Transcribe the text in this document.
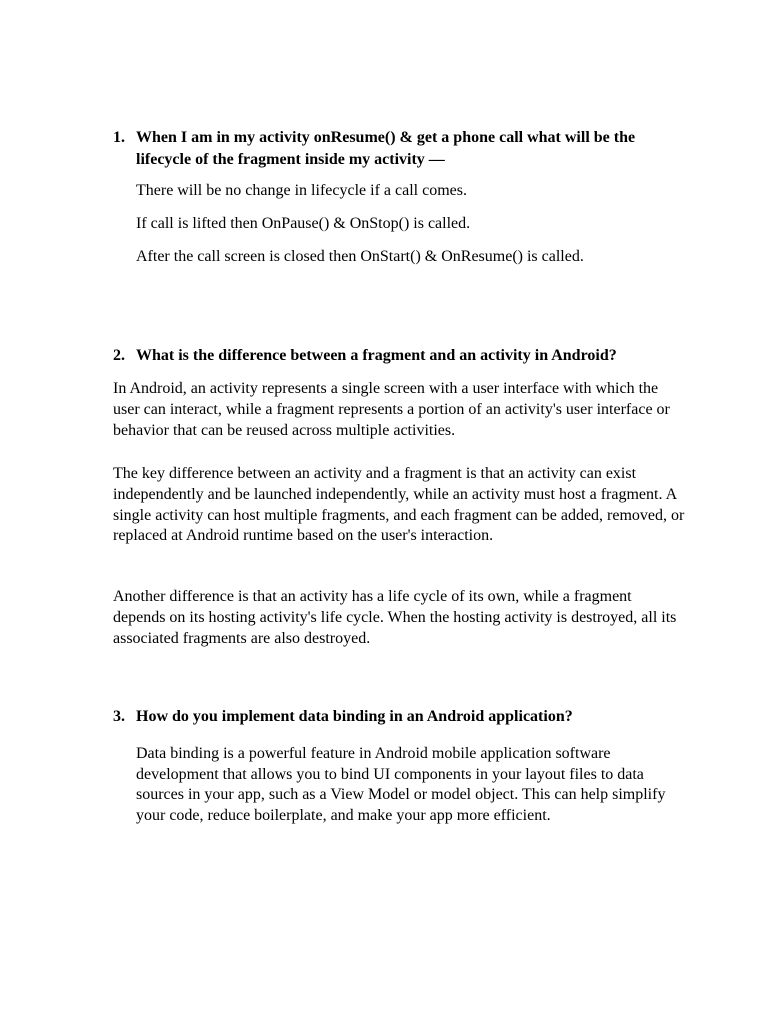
1. When I am in my activity onResume() & get a phone call what will be the lifecycle of the fragment inside my activity —

There will be no change in lifecycle if a call comes.

If call is lifted then OnPause() & OnStop() is called.

After the call screen is closed then OnStart() & OnResume() is called.

2. What is the difference between a fragment and an activity in Android?

In Android, an activity represents a single screen with a user interface with which the user can interact, while a fragment represents a portion of an activity's user interface or behavior that can be reused across multiple activities.

The key difference between an activity and a fragment is that an activity can exist independently and be launched independently, while an activity must host a fragment. A single activity can host multiple fragments, and each fragment can be added, removed, or replaced at Android runtime based on the user's interaction.

Another difference is that an activity has a life cycle of its own, while a fragment depends on its hosting activity's life cycle. When the hosting activity is destroyed, all its associated fragments are also destroyed.

3. How do you implement data binding in an Android application?

Data binding is a powerful feature in Android mobile application software development that allows you to bind UI components in your layout files to data sources in your app, such as a View Model or model object. This can help simplify your code, reduce boilerplate, and make your app more efficient.
